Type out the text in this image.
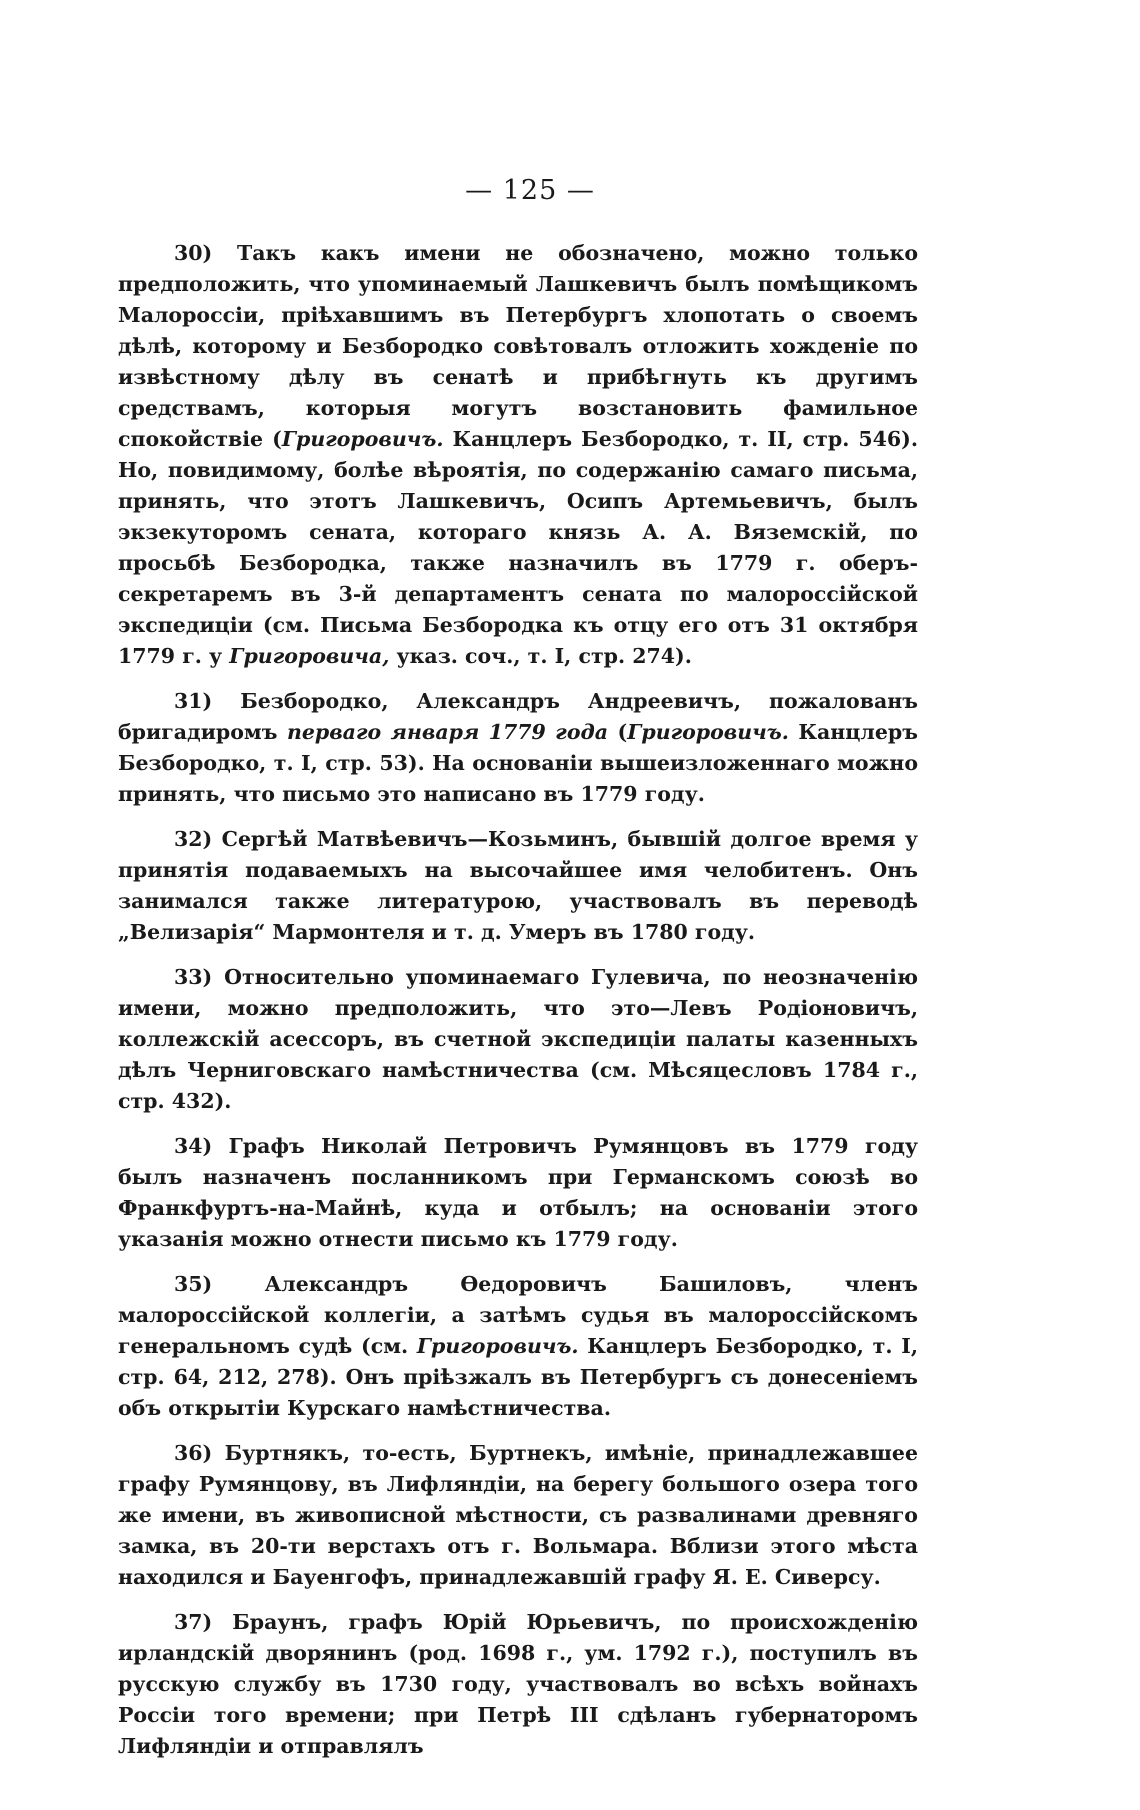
— 125 —

30) Такъ какъ имени не обозначено, можно только предположить, что упоминаемый Лашкевичъ былъ помѣщикомъ Малороссіи, пріѣхавшимъ въ Петербургъ хлопотать о своемъ дѣлѣ, которому и Безбородко совѣтовалъ отложить хожденіе по извѣстному дѣлу въ сенатѣ и прибѣгнуть къ другимъ средствамъ, которыя могутъ возстановить фамильное спокойствіе (Григоровичъ. Канцлеръ Безбородко, т. II, стр. 546). Но, повидимому, болѣе вѣроятія, по содержанію самаго письма, принять, что этотъ Лашкевичъ, Осипъ Артемьевичъ, былъ экзекуторомъ сената, котораго князь А. А. Вяземскій, по просьбѣ Безбородка, также назначилъ въ 1779 г. оберъ-секретаремъ въ 3-й департаментъ сената по малороссійской экспедиціи (см. Письма Безбородка къ отцу его отъ 31 октября 1779 г. у Григоровича, указ. соч., т. I, стр. 274).

31) Безбородко, Александръ Андреевичъ, пожалованъ бригадиромъ перваго января 1779 года (Григоровичъ. Канцлеръ Безбородко, т. I, стр. 53). На основаніи вышеизложеннаго можно принять, что письмо это написано въ 1779 году.

32) Сергѣй Матвѣевичъ—Козьминъ, бывшій долгое время у принятія подаваемыхъ на высочайшее имя челобитенъ. Онъ занимался также литературою, участвовалъ въ переводѣ „Велизарія“ Мармонтеля и т. д. Умеръ въ 1780 году.

33) Относительно упоминаемаго Гулевича, по неозначенію имени, можно предположить, что это—Левъ Родіоновичъ, коллежскій асессоръ, въ счетной экспедиціи палаты казенныхъ дѣлъ Черниговскаго намѣстничества (см. Мѣсяцесловъ 1784 г., стр. 432).

34) Графъ Николай Петровичъ Румянцовъ въ 1779 году былъ назначенъ посланникомъ при Германскомъ союзѣ во Франкфуртъ-на-Майнѣ, куда и отбылъ; на основаніи этого указанія можно отнести письмо къ 1779 году.

35) Александръ Ѳедоровичъ Башиловъ, членъ малороссійской коллегіи, а затѣмъ судья въ малороссійскомъ генеральномъ судѣ (см. Григоровичъ. Канцлеръ Безбородко, т. I, стр. 64, 212, 278). Онъ пріѣзжалъ въ Петербургъ съ донесеніемъ объ открытіи Курскаго намѣстничества.

36) Буртнякъ, то-есть, Буртнекъ, имѣніе, принадлежавшее графу Румянцову, въ Лифляндіи, на берегу большого озера того же имени, въ живописной мѣстности, съ развалинами древняго замка, въ 20-ти верстахъ отъ г. Вольмара. Вблизи этого мѣста находился и Бауенгофъ, принадлежавшій графу Я. Е. Сиверсу.

37) Браунъ, графъ Юрій Юрьевичъ, по происхожденію ирландскій дворянинъ (род. 1698 г., ум. 1792 г.), поступилъ въ русскую службу въ 1730 году, участвовалъ во всѣхъ войнахъ Россіи того времени; при Петрѣ III сдѣланъ губернаторомъ Лифляндіи и отправлялъ
